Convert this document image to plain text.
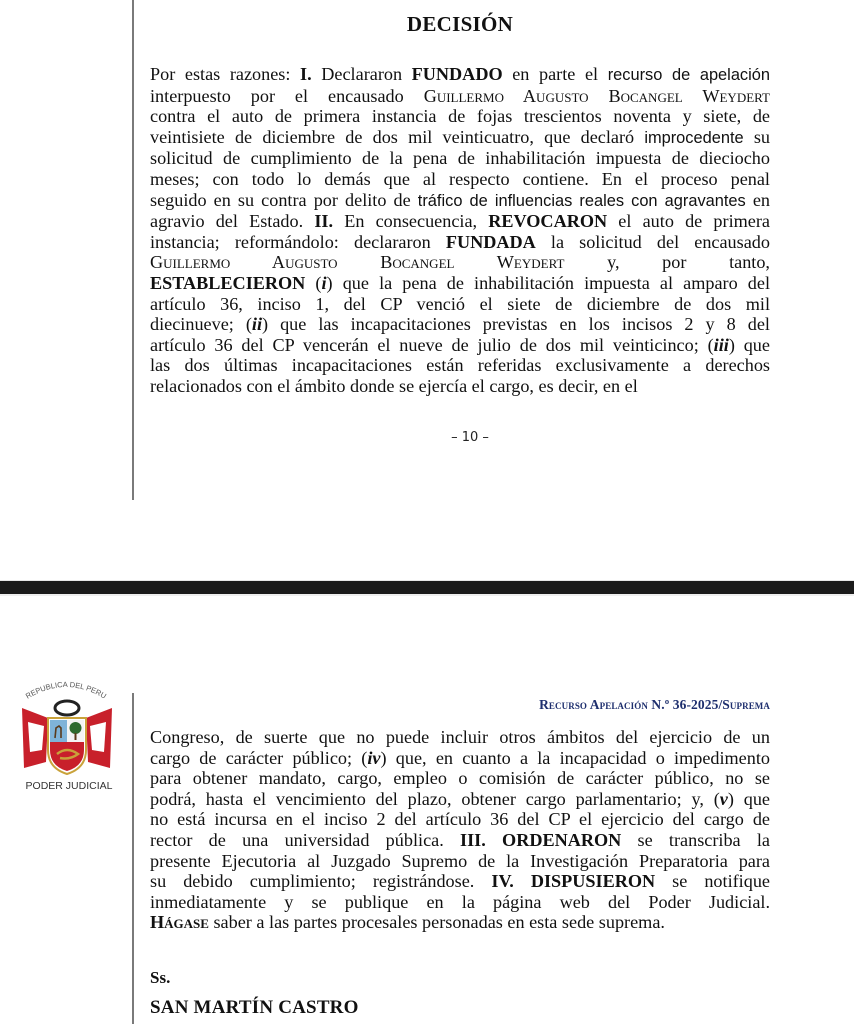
DECISIÓN
Por estas razones: I. Declararon FUNDADO en parte el recurso de apelación
interpuesto por el encausado Guillermo Augusto Bocangel Weydert
contra el auto de primera instancia de fojas trescientos noventa y siete, de
veintisiete de diciembre de dos mil veinticuatro, que declaró improcedente su
solicitud de cumplimiento de la pena de inhabilitación impuesta de dieciocho
meses; con todo lo demás que al respecto contiene. En el proceso penal
seguido en su contra por delito de tráfico de influencias reales con agravantes en
agravio del Estado. II. En consecuencia, REVOCARON el auto de primera
instancia; reformándolo: declararon FUNDADA la solicitud del encausado
Guillermo Augusto Bocangel Weydert y, por tanto,
ESTABLECIERON (i) que la pena de inhabilitación impuesta al amparo del
artículo 36, inciso 1, del CP venció el siete de diciembre de dos mil
diecinueve; (ii) que las incapacitaciones previstas en los incisos 2 y 8 del
artículo 36 del CP vencerán el nueve de julio de dos mil veinticinco; (iii) que
las dos últimas incapacitaciones están referidas exclusivamente a derechos
relacionados con el ámbito donde se ejercía el cargo, es decir, en el
– 10 –
REPUBLICA DEL PERU
PODER JUDICIAL
Recurso Apelación N.º 36-2025/Suprema
Congreso, de suerte que no puede incluir otros ámbitos del ejercicio de un
cargo de carácter público; (iv) que, en cuanto a la incapacidad o impedimento
para obtener mandato, cargo, empleo o comisión de carácter público, no se
podrá, hasta el vencimiento del plazo, obtener cargo parlamentario; y, (v) que
no está incursa en el inciso 2 del artículo 36 del CP el ejercicio del cargo de
rector de una universidad pública. III. ORDENARON se transcriba la
presente Ejecutoria al Juzgado Supremo de la Investigación Preparatoria para
su debido cumplimiento; registrándose. IV. DISPUSIERON se notifique
inmediatamente y se publique en la página web del Poder Judicial.
Hágase saber a las partes procesales personadas en esta sede suprema.
Ss.
SAN MARTÍN CASTRO
